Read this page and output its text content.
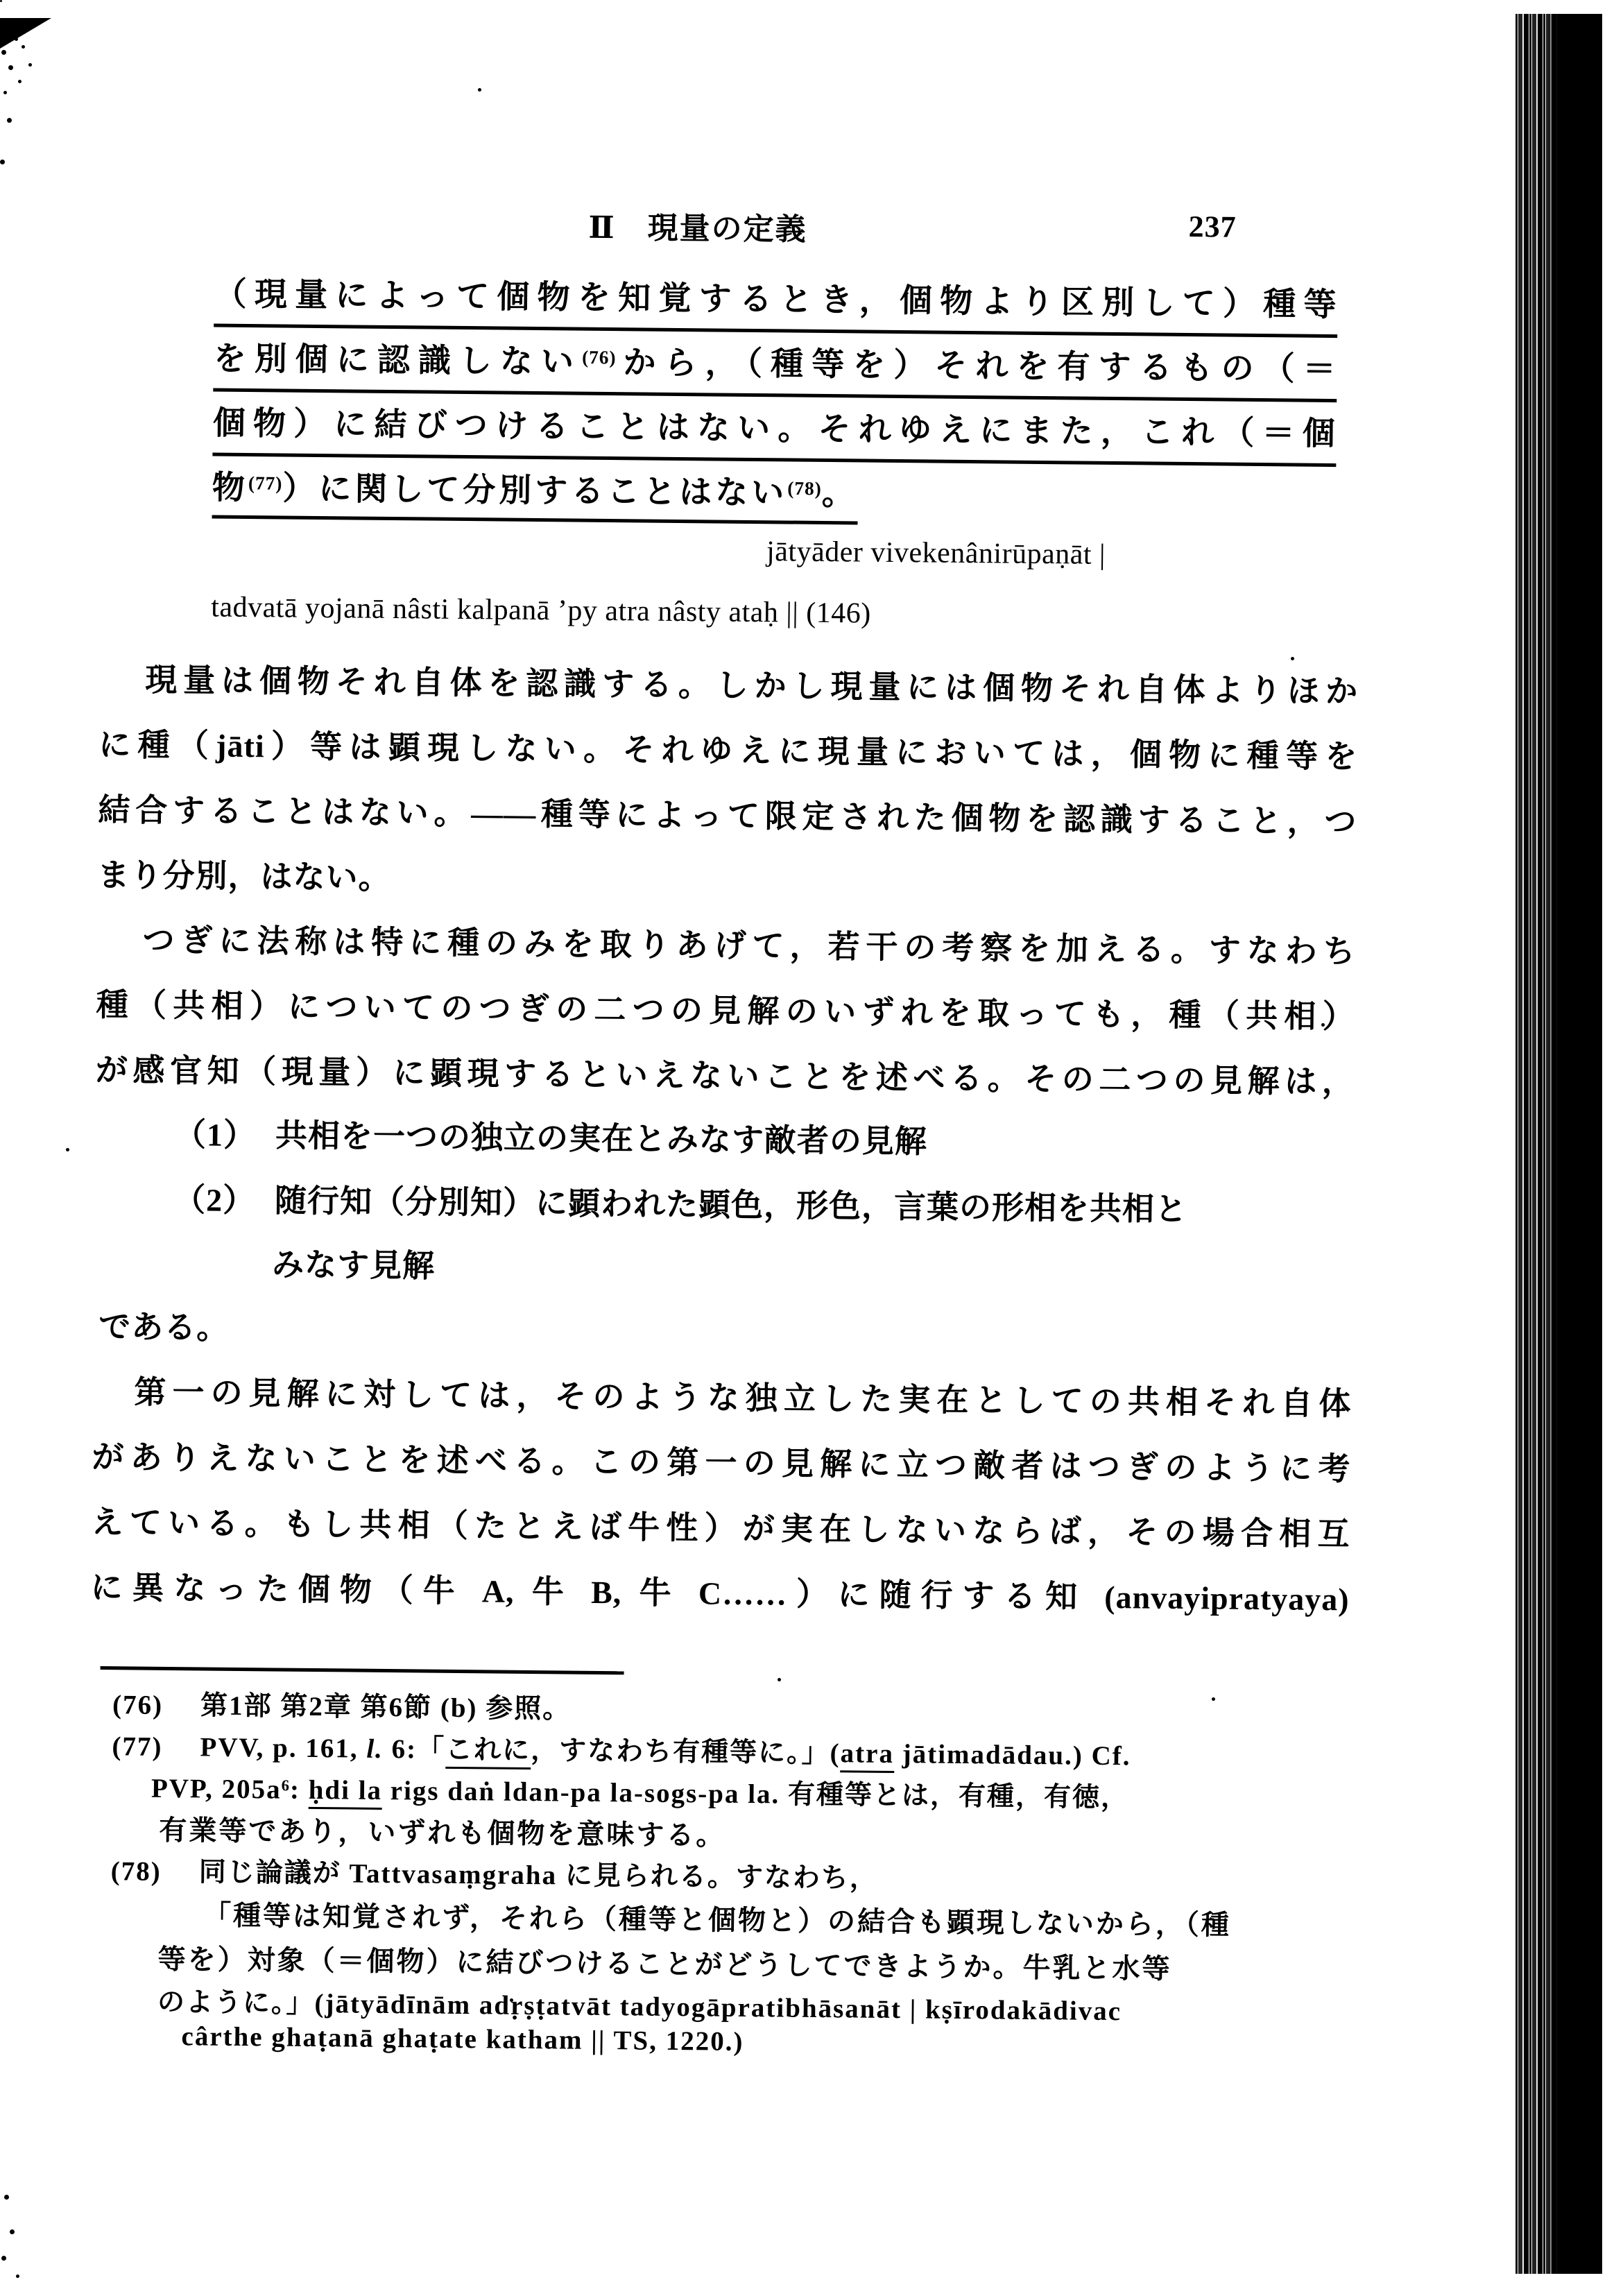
Ⅱ　現量の定義	237
（現量によって個物を知覚するとき，個物より区別して）種等
を別個に認識しない$^{(76)}$から，（種等を）それを有するもの（＝
個物）に結びつけることはない。それゆえにまた，これ（＝個
物$^{(77)}$）に関して分別することはない$^{(78)}$。
jātyāder vivekenânirūpaṇāt |
tadvatā yojanā nâsti kalpanā ’py atra nâsty ataḥ || (146)
現量は個物それ自体を認識する。しかし現量には個物それ自体よりほか
に種（jāti）等は顕現しない。それゆえに現量においては，個物に種等を
結合することはない。——種等によって限定された個物を認識すること，つ
まり分別，はない。
つぎに法称は特に種のみを取りあげて，若干の考察を加える。すなわち
種（共相）についてのつぎの二つの見解のいずれを取っても，種（共相）
が感官知（現量）に顕現するといえないことを述べる。その二つの見解は，
（1） 共相を一つの独立の実在とみなす敵者の見解
（2） 随行知（分別知）に顕われた顕色，形色，言葉の形相を共相と
みなす見解
である。
第一の見解に対しては，そのような独立した実在としての共相それ自体
がありえないことを述べる。この第一の見解に立つ敵者はつぎのように考
えている。もし共相（たとえば牛性）が実在しないならば，その場合相互
に異なった個物（牛 A, 牛 B, 牛 C……）に随行する知 (anvayipratyaya)
(76) 第1部 第2章 第6節 (b) 参照。
(77) PVV, p. 161, l. 6:「これに，すなわち有種等に。」(atra jātimadādau.) Cf.
PVP, $205a^6$: ḥdi la rigs daṅ ldan-pa la-sogs-pa la. 有種等とは，有種，有徳，
有業等であり，いずれも個物を意味する。
(78) 同じ論議が Tattvasaṃgraha に見られる。すなわち，
「種等は知覚されず，それら（種等と個物と）の結合も顕現しないから，（種
等を）対象（＝個物）に結びつけることがどうしてできようか。牛乳と水等
のように。」(jātyādīnām adṛṣṭatvāt tadyogāpratibhāsanāt | kṣīrodakādivac
cârthe ghaṭanā ghaṭate katham || TS, 1220.)
